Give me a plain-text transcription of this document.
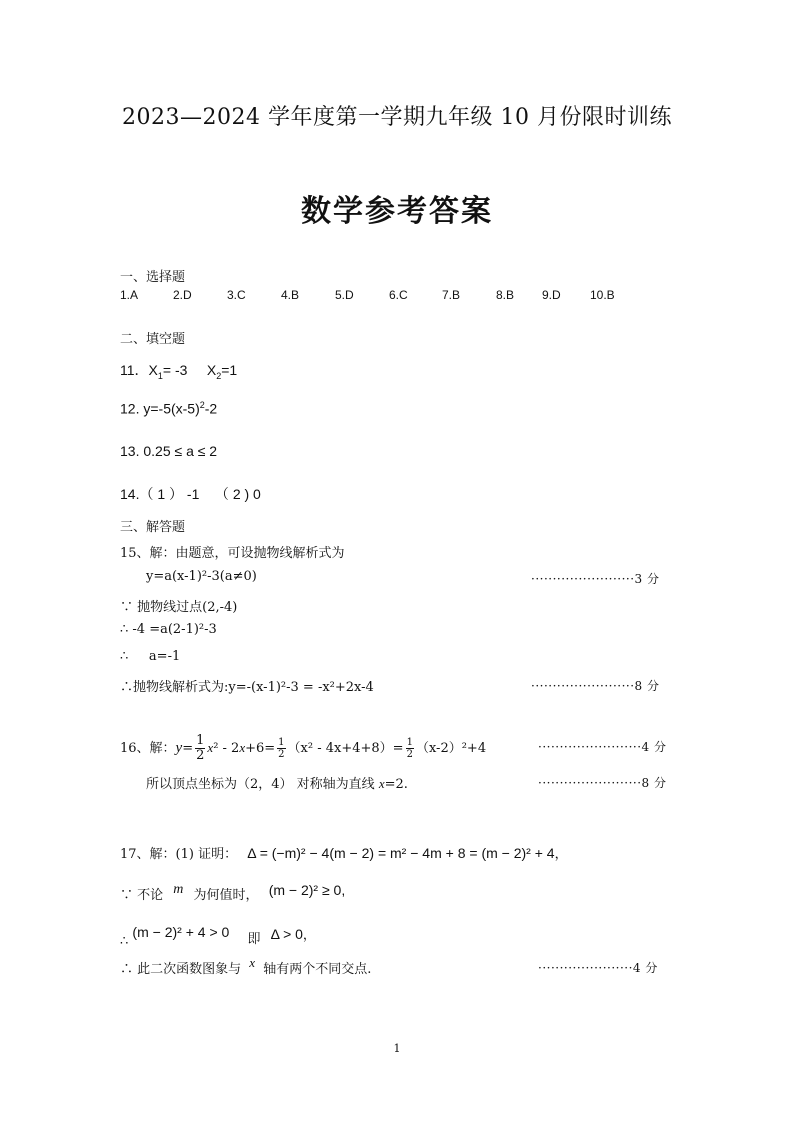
2023—2024 学年度第一学期九年级 10 月份限时训练
数学参考答案
一、选择题
1.A	2.D	3.C	4.B	5.D	6.C	7.B	8.B 9.D 10.B
二、填空题
11．$X_1= -3$     $X_2=1$
12. $y=-5(x-5)^2-2$
13. 0.25 ≤ a ≤ 2
14.（ 1 ） -1    （ 2 ) 0
三、解答题
15、解：由题意，可设抛物线解析式为
y=a(x-1)²-3(a≠0)	························3 分
∵ 抛物线过点(2,-4)
∴ -4 =a(2-1)²-3
∴     a=-1
∴抛物线解析式为:y=-(x-1)²-3 = -x²+2x-4	························8 分
16、解：$y= \frac{1}{2} x^2 - 2x+6= \frac{1}{2} (x^2 - 4x+4+8)= \frac{1}{2} (x-2)^2+4$	························4 分
所以顶点坐标为（2，4） 对称轴为直线 x=2.	························8 分
17、解：(1) 证明： Δ = (−m)² − 4(m − 2) = m² − 4m + 8 = (m − 2)² + 4，
∵ 不论 m 为何值时， (m − 2)² ≥ 0,
∴ (m − 2)² + 4 > 0 即 Δ > 0，
∴ 此二次函数图象与 x 轴有两个不同交点.	······················4 分
1
